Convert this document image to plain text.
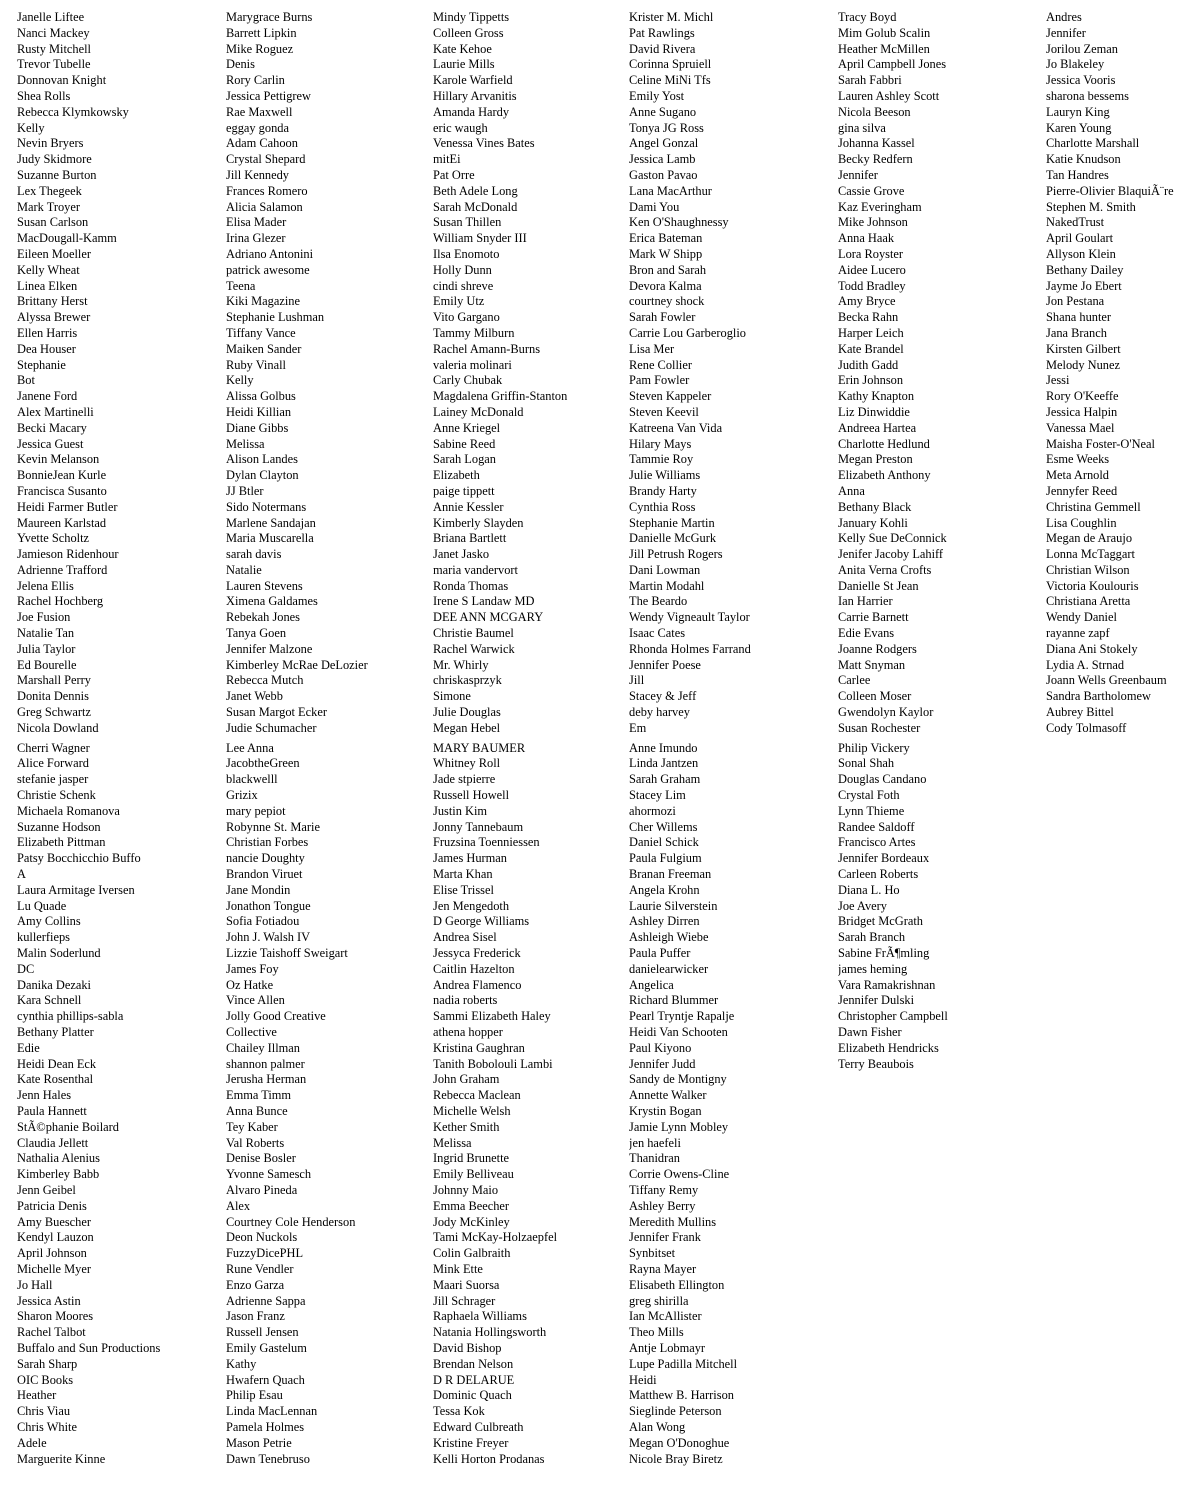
Janelle Liftee
Nanci Mackey
Rusty Mitchell
Trevor Tubelle
Donnovan Knight
Shea Rolls
Rebecca Klymkowsky
Kelly
Nevin Bryers
Judy Skidmore
Suzanne Burton
Lex Thegeek
Mark Troyer
Susan Carlson
MacDougall-Kamm
Eileen Moeller
Kelly Wheat
Linea Elken
Brittany Herst
Alyssa Brewer
Ellen Harris
Dea Houser
Stephanie
Bot
Janene Ford
Alex Martinelli
Becki Macary
Jessica Guest
Kevin Melanson
BonnieJean Kurle
Francisca Susanto
Heidi Farmer Butler
Maureen Karlstad
Yvette Scholtz
Jamieson Ridenhour
Adrienne Trafford
Jelena Ellis
Rachel Hochberg
Joe Fusion
Natalie Tan
Julia Taylor
Ed Bourelle
Marshall Perry
Donita Dennis
Greg Schwartz
Nicola Dowland
Cherri Wagner
Alice Forward
stefanie jasper
Christie Schenk
Michaela Romanova
Suzanne Hodson
Elizabeth Pittman
Patsy Bocchicchio Buffo
A
Laura Armitage Iversen
Lu Quade
Amy Collins
kullerfieps
Malin Soderlund
DC
Danika Dezaki
Kara Schnell
cynthia phillips-sabla
Bethany Platter
Edie
Heidi Dean Eck
Kate Rosenthal
Jenn Hales
Paula Hannett
StÃ©phanie Boilard
Claudia Jellett
Nathalia Alenius
Kimberley Babb
Jenn Geibel
Patricia Denis
Amy Buescher
Kendyl Lauzon
April Johnson
Michelle Myer
Jo Hall
Jessica Astin
Sharon Moores
Rachel Talbot
Buffalo and Sun Productions
Sarah Sharp
OIC Books
Heather
Chris Viau
Chris White
Adele
Marguerite Kinne
Marygrace Burns
Barrett Lipkin
Mike Roguez
Denis
Rory Carlin
Jessica Pettigrew
Rae Maxwell
eggay gonda
Adam Cahoon
Crystal Shepard
Jill Kennedy
Frances Romero
Alicia Salamon
Elisa Mader
Irina Glezer
Adriano Antonini
patrick awesome
Teena
Kiki Magazine
Stephanie Lushman
Tiffany Vance
Maiken Sander
Ruby Vinall
Kelly
Alissa Golbus
Heidi Killian
Diane Gibbs
Melissa
Alison Landes
Dylan Clayton
JJ Btler
Sido Notermans
Marlene Sandajan
Maria Muscarella
sarah davis
Natalie
Lauren Stevens
Ximena Galdames
Rebekah Jones
Tanya Goen
Jennifer Malzone
Kimberley McRae DeLozier
Rebecca Mutch
Janet Webb
Susan Margot Ecker
Judie Schumacher
Lee Anna
JacobtheGreen
blackwelll
Grizix
mary pepiot
Robynne St. Marie
Christian Forbes
nancie Doughty
Brandon Viruet
Jane Mondin
Jonathon Tongue
Sofia Fotiadou
John J. Walsh IV
Lizzie Taishoff Sweigart
James Foy
Oz Hatke
Vince Allen
Jolly Good Creative
Collective
Chailey Illman
shannon palmer
Jerusha Herman
Emma Timm
Anna Bunce
Tey Kaber
Val Roberts
Denise Bosler
Yvonne Samesch
Alvaro Pineda
Alex
Courtney Cole Henderson
Deon Nuckols
FuzzyDicePHL
Rune Vendler
Enzo Garza
Adrienne Sappa
Jason Franz
Russell Jensen
Emily Gastelum
Kathy
Hwafern Quach
Philip Esau
Linda MacLennan
Pamela Holmes
Mason Petrie
Dawn Tenebruso
Mindy Tippetts
Colleen Gross
Kate Kehoe
Laurie Mills
Karole Warfield
Hillary Arvanitis
Amanda Hardy
eric waugh
Venessa Vines Bates
mitEi
Pat Orre
Beth Adele Long
Sarah McDonald
Susan Thillen
William Snyder III
Ilsa Enomoto
Holly Dunn
cindi shreve
Emily Utz
Vito Gargano
Tammy Milburn
Rachel Amann-Burns
valeria molinari
Carly Chubak
Magdalena Griffin-Stanton
Lainey McDonald
Anne Kriegel
Sabine Reed
Sarah Logan
Elizabeth
paige tippett
Annie Kessler
Kimberly Slayden
Briana Bartlett
Janet Jasko
maria vandervort
Ronda Thomas
Irene S Landaw MD
DEE ANN MCGARY
Christie Baumel
Rachel Warwick
Mr. Whirly
chriskasprzyk
Simone
Julie Douglas
Megan Hebel
MARY BAUMER
Whitney Roll
Jade stpierre
Russell Howell
Justin Kim
Jonny Tannebaum
Fruzsina Toenniessen
James Hurman
Marta Khan
Elise Trissel
Jen Mengedoth
D George Williams
Andrea Sisel
Jessyca Frederick
Caitlin Hazelton
Andrea Flamenco
nadia roberts
Sammi Elizabeth Haley
athena hopper
Kristina Gaughran
Tanith Bobolouli Lambi
John Graham
Rebecca Maclean
Michelle Welsh
Kether Smith
Melissa
Ingrid Brunette
Emily Belliveau
Johnny Maio
Emma Beecher
Jody McKinley
Tami McKay-Holzaepfel
Colin Galbraith
Mink Ette
Maari Suorsa
Jill Schrager
Raphaela Williams
Natania Hollingsworth
David Bishop
Brendan Nelson
D R DELARUE
Dominic Quach
Tessa Kok
Edward Culbreath
Kristine Freyer
Kelli Horton Prodanas
Krister M. Michl
Pat Rawlings
David Rivera
Corinna Spruiell
Celine MiNi Tfs
Emily Yost
Anne Sugano
Tonya JG Ross
Angel Gonzal
Jessica Lamb
Gaston Pavao
Lana MacArthur
Dami You
Ken O'Shaughnessy
Erica Bateman
Mark W Shipp
Bron and Sarah
Devora Kalma
courtney shock
Sarah Fowler
Carrie Lou Garberoglio
Lisa Mer
Rene Collier
Pam Fowler
Steven Kappeler
Steven Keevil
Katreena Van Vida
Hilary Mays
Tammie Roy
Julie Williams
Brandy Harty
Cynthia Ross
Stephanie Martin
Danielle McGurk
Jill Petrush Rogers
Dani Lowman
Martin Modahl
The Beardo
Wendy Vigneault Taylor
Isaac Cates
Rhonda Holmes Farrand
Jennifer Poese
Jill
Stacey & Jeff
deby harvey
Em
Anne Imundo
Linda Jantzen
Sarah Graham
Stacey Lim
ahormozi
Cher Willems
Daniel Schick
Paula Fulgium
Branan Freeman
Angela Krohn
Laurie Silverstein
Ashley Dirren
Ashleigh Wiebe
Paula Puffer
danielearwicker
Angelica
Richard Blummer
Pearl Tryntje Rapalje
Heidi Van Schooten
Paul Kiyono
Jennifer Judd
Sandy de Montigny
Annette Walker
Krystin Bogan
Jamie Lynn Mobley
jen haefeli
Thanidran
Corrie Owens-Cline
Tiffany Remy
Ashley Berry
Meredith Mullins
Jennifer Frank
Synbitset
Rayna Mayer
Elisabeth Ellington
greg shirilla
Ian McAllister
Theo Mills
Antje Lobmayr
Lupe Padilla Mitchell
Heidi
Matthew B. Harrison
Sieglinde Peterson
Alan Wong
Megan O'Donoghue
Nicole Bray Biretz
Tracy Boyd
Mim Golub Scalin
Heather McMillen
April Campbell Jones
Sarah Fabbri
Lauren Ashley Scott
Nicola Beeson
gina silva
Johanna Kassel
Becky Redfern
Jennifer
Cassie Grove
Kaz Everingham
Mike Johnson
Anna Haak
Lora Royster
Aidee Lucero
Todd Bradley
Amy Bryce
Becka Rahn
Harper Leich
Kate Brandel
Judith Gadd
Erin Johnson
Kathy Knapton
Liz Dinwiddie
Andreea Hartea
Charlotte Hedlund
Megan Preston
Elizabeth Anthony
Anna
Bethany Black
January Kohli
Kelly Sue DeConnick
Jenifer Jacoby Lahiff
Anita Verna Crofts
Danielle St Jean
Ian Harrier
Carrie Barnett
Edie Evans
Joanne Rodgers
Matt Snyman
Carlee
Colleen Moser
Gwendolyn Kaylor
Susan Rochester
Philip Vickery
Sonal Shah
Douglas Candano
Crystal Foth
Lynn Thieme
Randee Saldoff
Francisco Artes
Jennifer Bordeaux
Carleen Roberts
Diana L. Ho
Joe Avery
Bridget McGrath
Sarah Branch
Sabine FrÃ¶mling
james heming
Vara Ramakrishnan
Jennifer Dulski
Christopher Campbell
Dawn Fisher
Elizabeth Hendricks
Terry Beaubois
Andres
Jennifer
Jorilou Zeman
Jo Blakeley
Jessica Vooris
sharona bessems
Lauryn King
Karen Young
Charlotte Marshall
Katie Knudson
Tan Handres
Pierre-Olivier BlaquiÃ¨re
Stephen M. Smith
NakedTrust
April Goulart
Allyson Klein
Bethany Dailey
Jayme Jo Ebert
Jon Pestana
Shana hunter
Jana Branch
Kirsten Gilbert
Melody Nunez
Jessi
Rory O'Keeffe
Jessica Halpin
Vanessa Mael
Maisha Foster-O'Neal
Esme Weeks
Meta Arnold
Jennyfer Reed
Christina Gemmell
Lisa Coughlin
Megan de Araujo
Lonna McTaggart
Christian Wilson
Victoria Koulouris
Christiana Aretta
Wendy Daniel
rayanne zapf
Diana Ani Stokely
Lydia A. Strnad
Joann Wells Greenbaum
Sandra Bartholomew
Aubrey Bittel
Cody Tolmasoff
